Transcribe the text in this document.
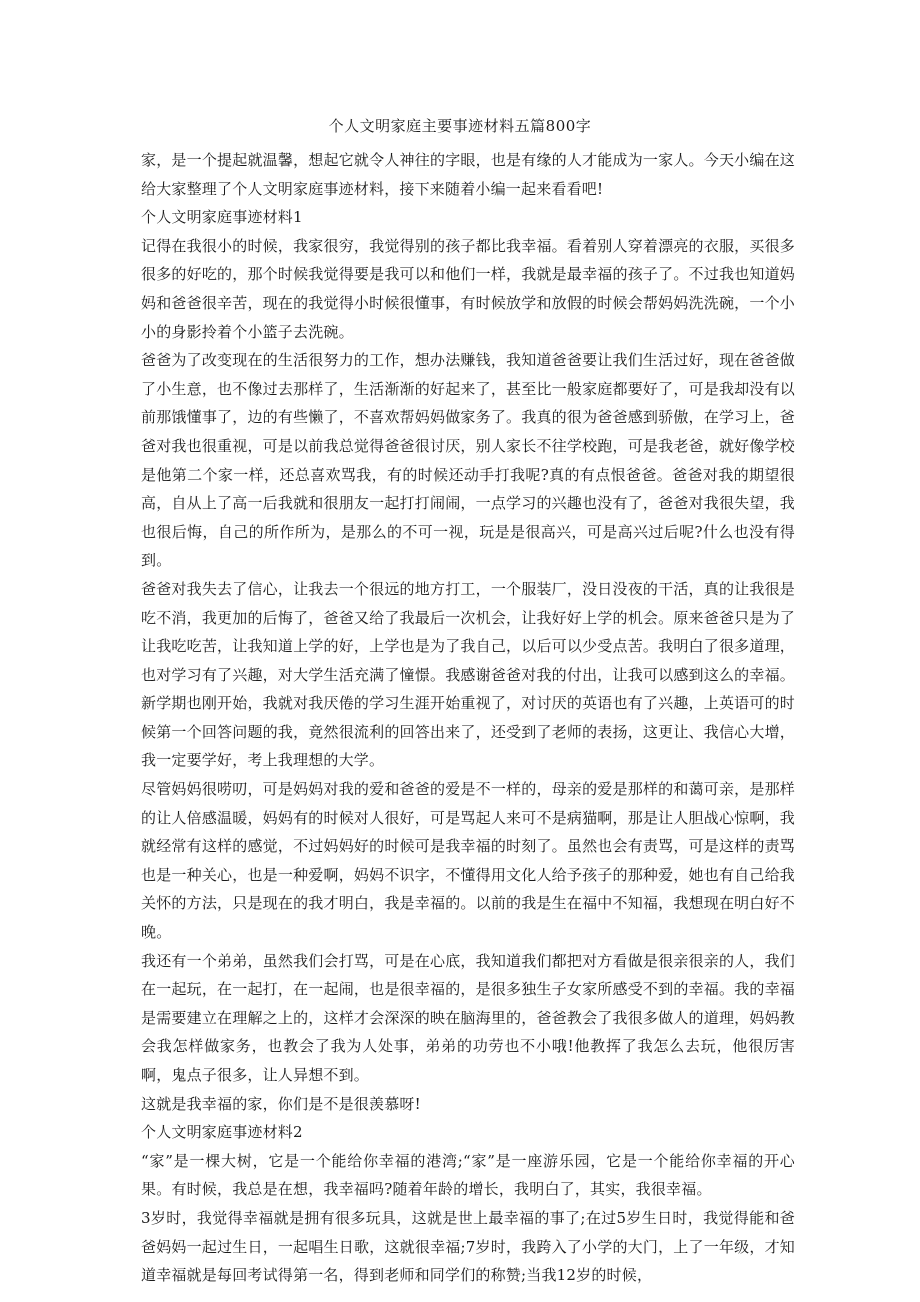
个人文明家庭主要事迹材料五篇800字

家，是一个提起就温馨，想起它就令人神往的字眼，也是有缘的人才能成为一家人。今天小编在这给大家整理了个人文明家庭事迹材料，接下来随着小编一起来看看吧!

个人文明家庭事迹材料1

记得在我很小的时候，我家很穷，我觉得别的孩子都比我幸福。看着别人穿着漂亮的衣服，买很多很多的好吃的，那个时候我觉得要是我可以和他们一样，我就是最幸福的孩子了。不过我也知道妈妈和爸爸很辛苦，现在的我觉得小时候很懂事，有时候放学和放假的时候会帮妈妈洗洗碗，一个小小的身影拎着个小篮子去洗碗。

爸爸为了改变现在的生活很努力的工作，想办法赚钱，我知道爸爸要让我们生活过好，现在爸爸做了小生意，也不像过去那样了，生活渐渐的好起来了，甚至比一般家庭都要好了，可是我却没有以前那饿懂事了，边的有些懒了，不喜欢帮妈妈做家务了。我真的很为爸爸感到骄傲，在学习上，爸爸对我也很重视，可是以前我总觉得爸爸很讨厌，别人家长不往学校跑，可是我老爸，就好像学校是他第二个家一样，还总喜欢骂我，有的时候还动手打我呢?真的有点恨爸爸。爸爸对我的期望很高，自从上了高一后我就和很朋友一起打打闹闹，一点学习的兴趣也没有了，爸爸对我很失望，我也很后悔，自己的所作所为，是那么的不可一视，玩是是很高兴，可是高兴过后呢?什么也没有得到。

爸爸对我失去了信心，让我去一个很远的地方打工，一个服装厂，没日没夜的干活，真的让我很是吃不消，我更加的后悔了，爸爸又给了我最后一次机会，让我好好上学的机会。原来爸爸只是为了让我吃吃苦，让我知道上学的好，上学也是为了我自己，以后可以少受点苦。我明白了很多道理，也对学习有了兴趣，对大学生活充满了憧憬。我感谢爸爸对我的付出，让我可以感到这么的幸福。新学期也刚开始，我就对我厌倦的学习生涯开始重视了，对讨厌的英语也有了兴趣，上英语可的时候第一个回答问题的我，竟然很流利的回答出来了，还受到了老师的表扬，这更让、我信心大增，我一定要学好，考上我理想的大学。

尽管妈妈很唠叨，可是妈妈对我的爱和爸爸的爱是不一样的，母亲的爱是那样的和蔼可亲，是那样的让人倍感温暖，妈妈有的时候对人很好，可是骂起人来可不是病猫啊，那是让人胆战心惊啊，我就经常有这样的感觉，不过妈妈好的时候可是我幸福的时刻了。虽然也会有责骂，可是这样的责骂也是一种关心，也是一种爱啊，妈妈不识字，不懂得用文化人给予孩子的那种爱，她也有自己给我关怀的方法，只是现在的我才明白，我是幸福的。以前的我是生在福中不知福，我想现在明白好不晚。

我还有一个弟弟，虽然我们会打骂，可是在心底，我知道我们都把对方看做是很亲很亲的人，我们在一起玩，在一起打，在一起闹，也是很幸福的，是很多独生子女家所感受不到的幸福。我的幸福是需要建立在理解之上的，这样才会深深的映在脑海里的，爸爸教会了我很多做人的道理，妈妈教会我怎样做家务，也教会了我为人处事，弟弟的功劳也不小哦!他教挥了我怎么去玩，他很厉害啊，鬼点子很多，让人异想不到。

这就是我幸福的家，你们是不是很羡慕呀!

个人文明家庭事迹材料2

“家”是一棵大树，它是一个能给你幸福的港湾;“家”是一座游乐园，它是一个能给你幸福的开心果。有时候，我总是在想，我幸福吗?随着年龄的增长，我明白了，其实，我很幸福。

3岁时，我觉得幸福就是拥有很多玩具，这就是世上最幸福的事了;在过5岁生日时，我觉得能和爸爸妈妈一起过生日，一起唱生日歌，这就很幸福;7岁时，我跨入了小学的大门，上了一年级，才知道幸福就是每回考试得第一名，得到老师和同学们的称赞;当我12岁的时候，
